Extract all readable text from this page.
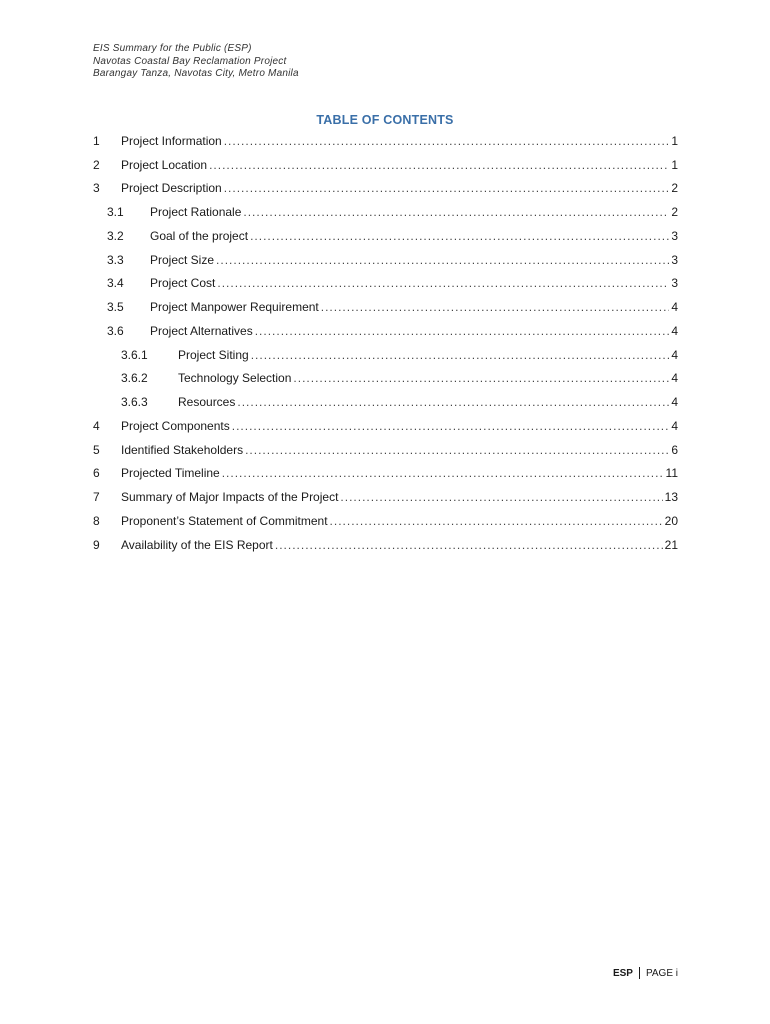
EIS Summary for the Public (ESP)
Navotas Coastal Bay Reclamation Project
Barangay Tanza, Navotas City, Metro Manila
TABLE OF CONTENTS
1	Project Information .....	1
2	Project Location .....	1
3	Project Description .....	2
3.1	Project Rationale .....	2
3.2	Goal of the project .....	3
3.3	Project Size .....	3
3.4	Project Cost .....	3
3.5	Project Manpower Requirement .....	4
3.6	Project Alternatives .....	4
3.6.1	Project Siting .....	4
3.6.2	Technology Selection .....	4
3.6.3	Resources .....	4
4	Project Components .....	4
5	Identified Stakeholders .....	6
6	Projected Timeline .....	11
7	Summary of Major Impacts of the Project .....	13
8	Proponent’s Statement of Commitment .....	20
9	Availability of the EIS Report .....	21
ESP PAGE i
